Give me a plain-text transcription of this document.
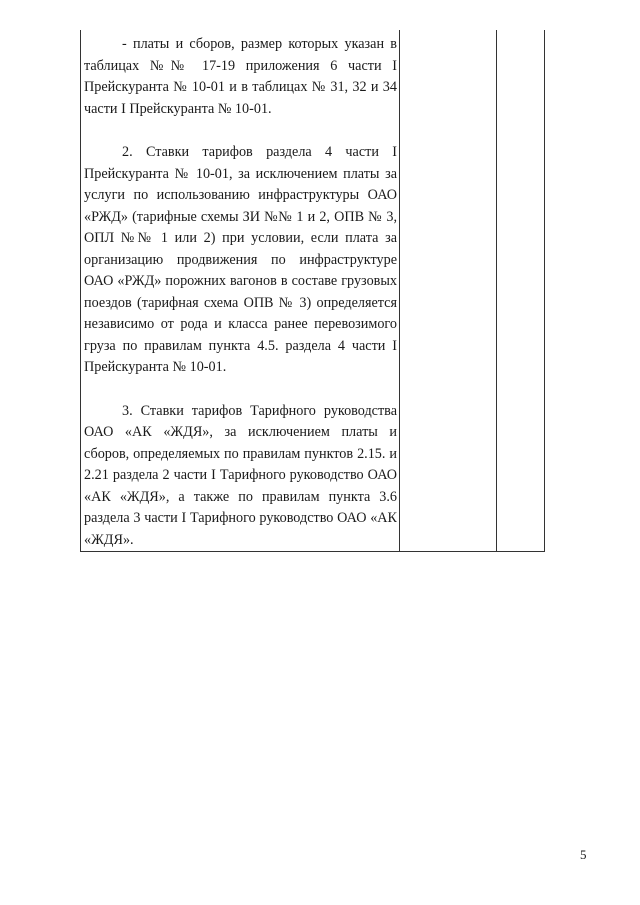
- платы и сборов, размер которых указан в таблицах №№ 17-19 приложения 6 части I Прейскуранта № 10-01 и в таблицах № 31, 32 и 34 части I Прейскуранта № 10-01.

2. Ставки тарифов раздела 4 части I Прейскуранта № 10-01, за исключением платы за услуги по использованию инфраструктуры ОАО «РЖД» (тарифные схемы ЗИ №№ 1 и 2, ОПВ № 3, ОПЛ №№ 1 или 2) при условии, если плата за организацию продвижения по инфраструктуре ОАО «РЖД» порожних вагонов в составе грузовых поездов (тарифная схема ОПВ № 3) определяется независимо от рода и класса ранее перевозимого груза по правилам пункта 4.5. раздела 4 части I Прейскуранта № 10-01.

3. Ставки тарифов Тарифного руководства ОАО «АК «ЖДЯ», за исключением платы и сборов, определяемых по правилам пунктов 2.15. и 2.21 раздела 2 части I Тарифного руководство ОАО «АК «ЖДЯ», а также по правилам пункта 3.6 раздела 3 части I Тарифного руководство ОАО «АК «ЖДЯ».

5
